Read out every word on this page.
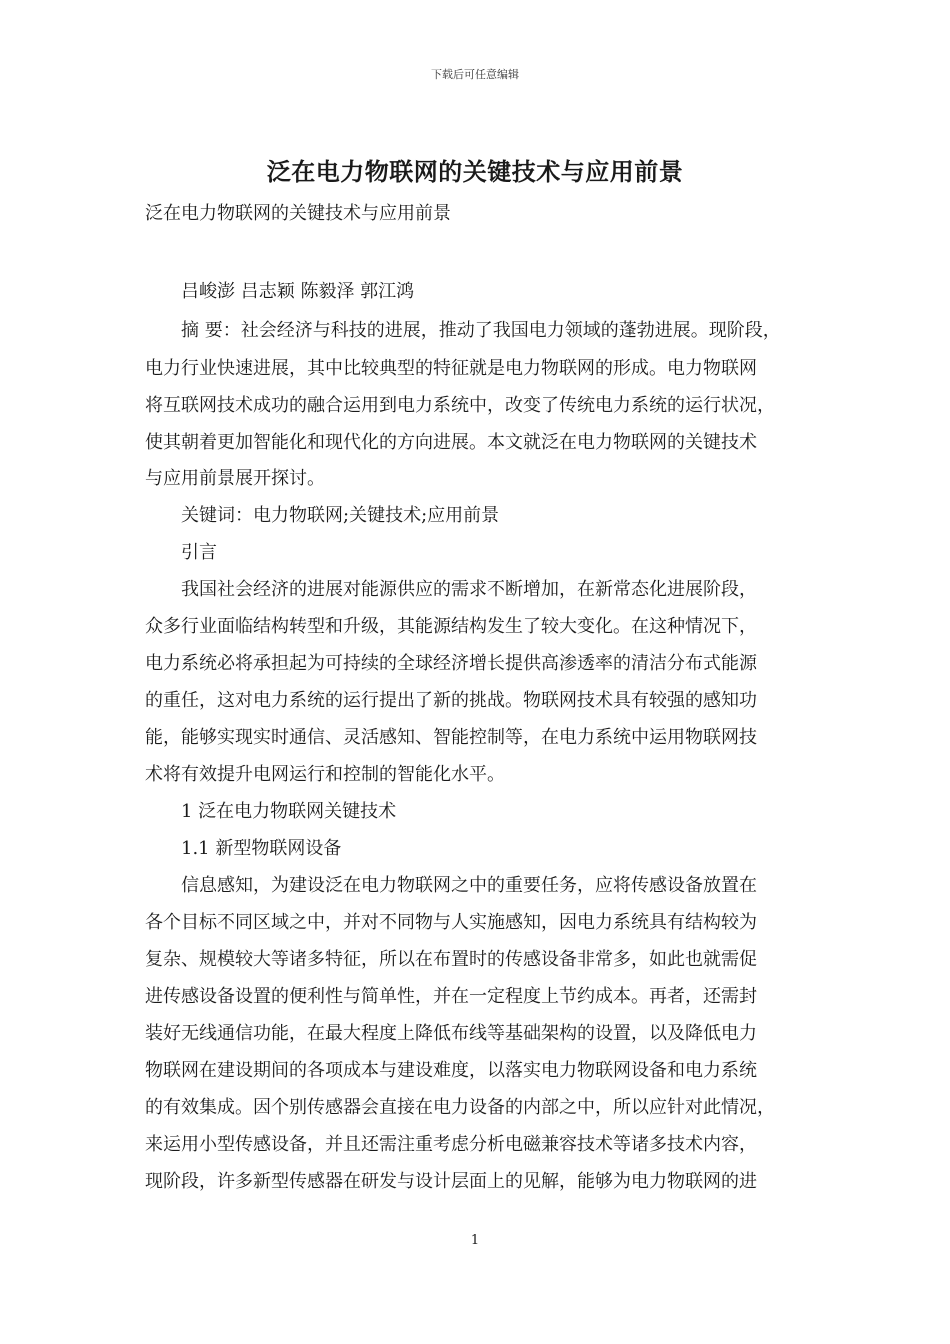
下载后可任意编辑
泛在电力物联网的关键技术与应用前景
泛在电力物联网的关键技术与应用前景
吕峻澎 吕志颖 陈毅泽 郭江鸿
摘 要：社会经济与科技的进展，推动了我国电力领域的蓬勃进展。现阶段，
电力行业快速进展，其中比较典型的特征就是电力物联网的形成。电力物联网
将互联网技术成功的融合运用到电力系统中，改变了传统电力系统的运行状况，
使其朝着更加智能化和现代化的方向进展。本文就泛在电力物联网的关键技术
与应用前景展开探讨。
关键词：电力物联网;关键技术;应用前景
引言
我国社会经济的进展对能源供应的需求不断增加，在新常态化进展阶段，
众多行业面临结构转型和升级，其能源结构发生了较大变化。在这种情况下，
电力系统必将承担起为可持续的全球经济增长提供高渗透率的清洁分布式能源
的重任，这对电力系统的运行提出了新的挑战。物联网技术具有较强的感知功
能，能够实现实时通信、灵活感知、智能控制等，在电力系统中运用物联网技
术将有效提升电网运行和控制的智能化水平。
1 泛在电力物联网关键技术
1.1 新型物联网设备
信息感知，为建设泛在电力物联网之中的重要任务，应将传感设备放置在
各个目标不同区域之中，并对不同物与人实施感知，因电力系统具有结构较为
复杂、规模较大等诸多特征，所以在布置时的传感设备非常多，如此也就需促
进传感设备设置的便利性与简单性，并在一定程度上节约成本。再者，还需封
装好无线通信功能，在最大程度上降低布线等基础架构的设置，以及降低电力
物联网在建设期间的各项成本与建设难度，以落实电力物联网设备和电力系统
的有效集成。因个别传感器会直接在电力设备的内部之中，所以应针对此情况，
来运用小型传感设备，并且还需注重考虑分析电磁兼容技术等诸多技术内容，
现阶段，许多新型传感器在研发与设计层面上的见解，能够为电力物联网的进
1
